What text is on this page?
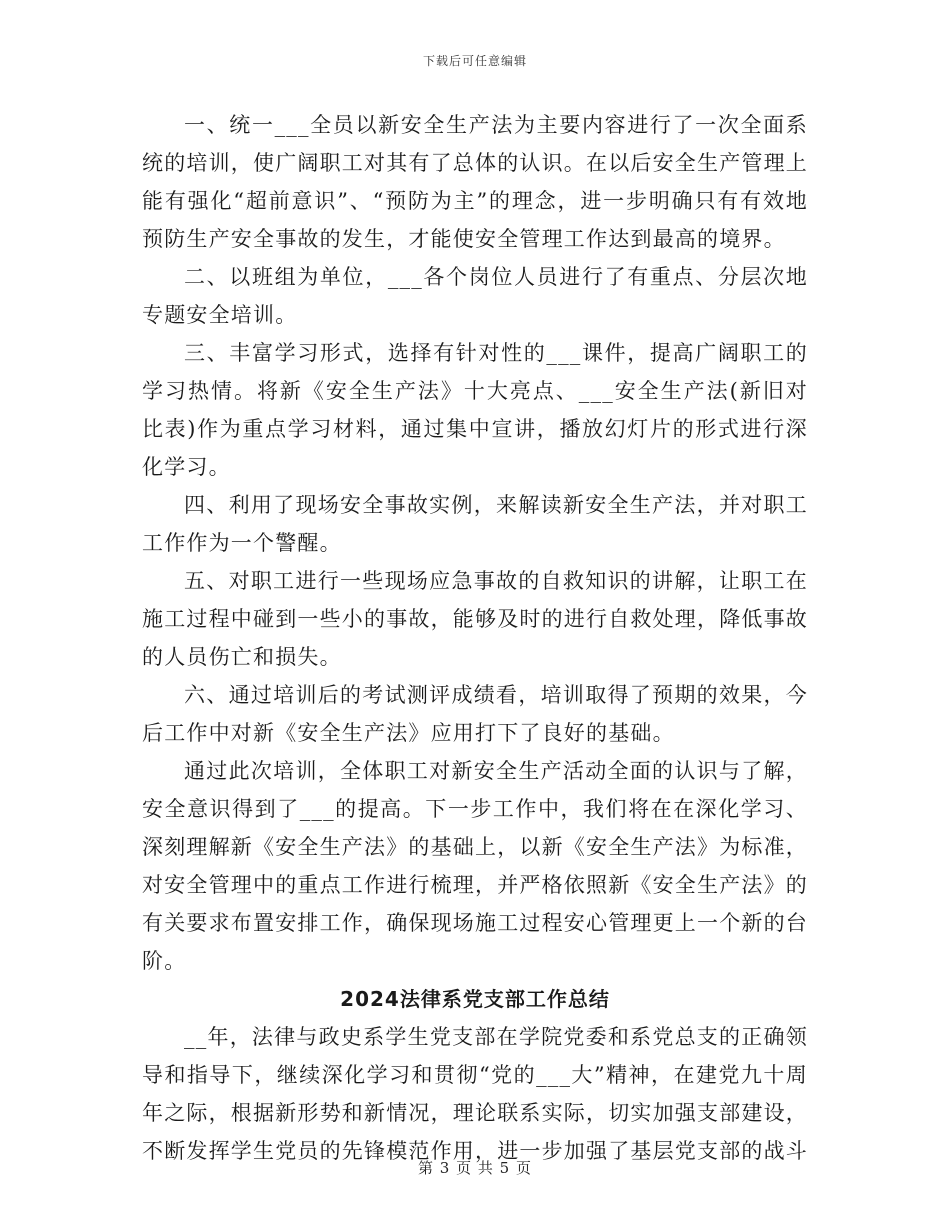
下载后可任意编辑

一、统一___全员以新安全生产法为主要内容进行了一次全面系统的培训，使广阔职工对其有了总体的认识。在以后安全生产管理上能有强化“超前意识”、“预防为主”的理念，进一步明确只有有效地预防生产安全事故的发生，才能使安全管理工作达到最高的境界。

二、以班组为单位，___各个岗位人员进行了有重点、分层次地专题安全培训。

三、丰富学习形式，选择有针对性的___课件，提高广阔职工的学习热情。将新《安全生产法》十大亮点、___安全生产法(新旧对比表)作为重点学习材料，通过集中宣讲，播放幻灯片的形式进行深化学习。

四、利用了现场安全事故实例，来解读新安全生产法，并对职工工作作为一个警醒。

五、对职工进行一些现场应急事故的自救知识的讲解，让职工在施工过程中碰到一些小的事故，能够及时的进行自救处理，降低事故的人员伤亡和损失。

六、通过培训后的考试测评成绩看，培训取得了预期的效果，今后工作中对新《安全生产法》应用打下了良好的基础。

通过此次培训，全体职工对新安全生产活动全面的认识与了解，安全意识得到了___的提高。下一步工作中，我们将在在深化学习、深刻理解新《安全生产法》的基础上，以新《安全生产法》为标准，对安全管理中的重点工作进行梳理，并严格依照新《安全生产法》的有关要求布置安排工作，确保现场施工过程安心管理更上一个新的台阶。

2024法律系党支部工作总结

__年，法律与政史系学生党支部在学院党委和系党总支的正确领导和指导下，继续深化学习和贯彻“党的___大”精神，在建党九十周年之际，根据新形势和新情况，理论联系实际，切实加强支部建设，不断发挥学生党员的先锋模范作用，进一步加强了基层党支部的战斗

第 3 页 共 5 页
